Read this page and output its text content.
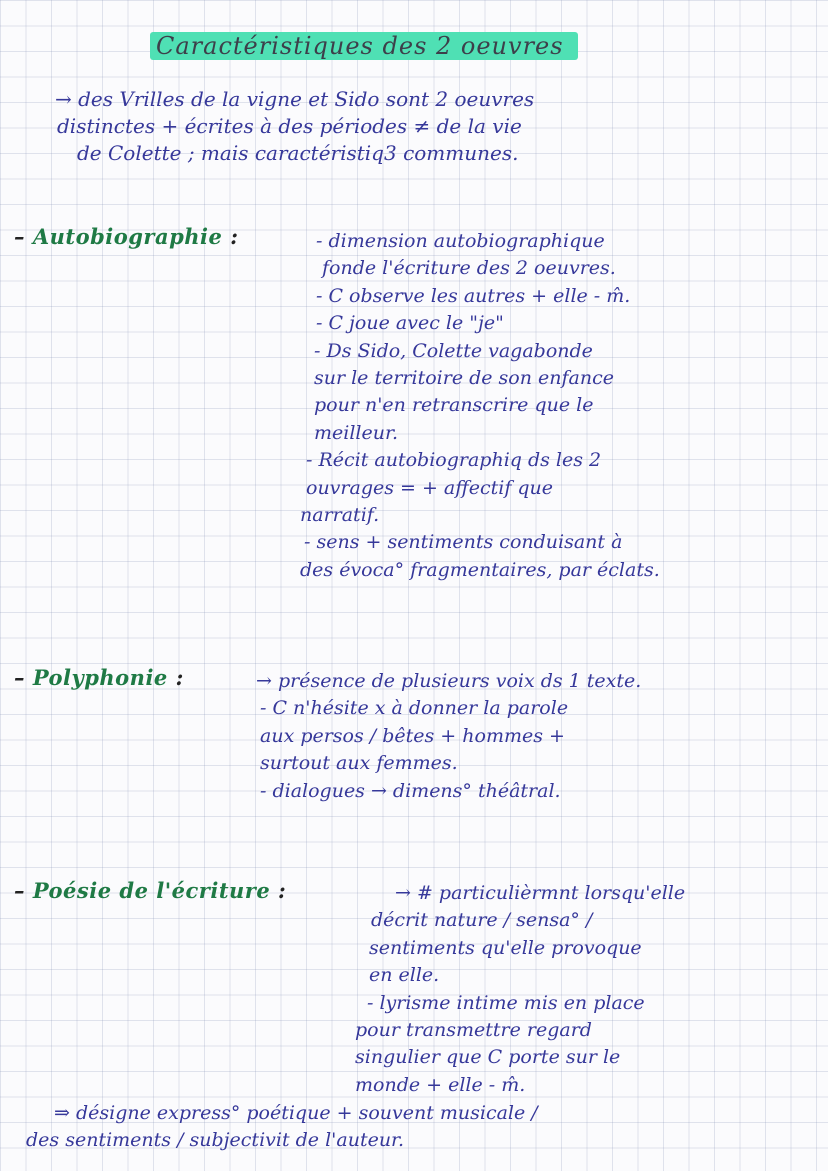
Caractéristiques des 2 oeuvres
→ des Vrilles de la vigne et Sido sont 2 oeuvres
distinctes + écrites à des périodes ≠ de la vie
de Colette ; mais caractéristiq3 communes.
– Autobiographie :	- dimension autobiographique
fonde l'écriture des 2 oeuvres.
- C observe les autres + elle - m̂.
- C joue avec le "je"
- Ds Sido, Colette vagabonde
sur le territoire de son enfance
pour n'en retranscrire que le
meilleur.
- Récit autobiographiq ds les 2
ouvrages = + affectif que
narratif.
- sens + sentiments conduisant à
des évoca° fragmentaires, par éclats.
– Polyphonie :	→ présence de plusieurs voix ds 1 texte.
- C n'hésite x à donner la parole
aux persos / bêtes + hommes +
surtout aux femmes.
- dialogues → dimens° théâtral.
– Poésie de l'écriture :	→ # particulièrmnt lorsqu'elle
décrit nature / sensa° /
sentiments qu'elle provoque
en elle.
- lyrisme intime mis en place
pour transmettre regard
singulier que C porte sur le
monde + elle - m̂.
⇒ désigne express° poétique + souvent musicale /
des sentiments / subjectivit de l'auteur.
